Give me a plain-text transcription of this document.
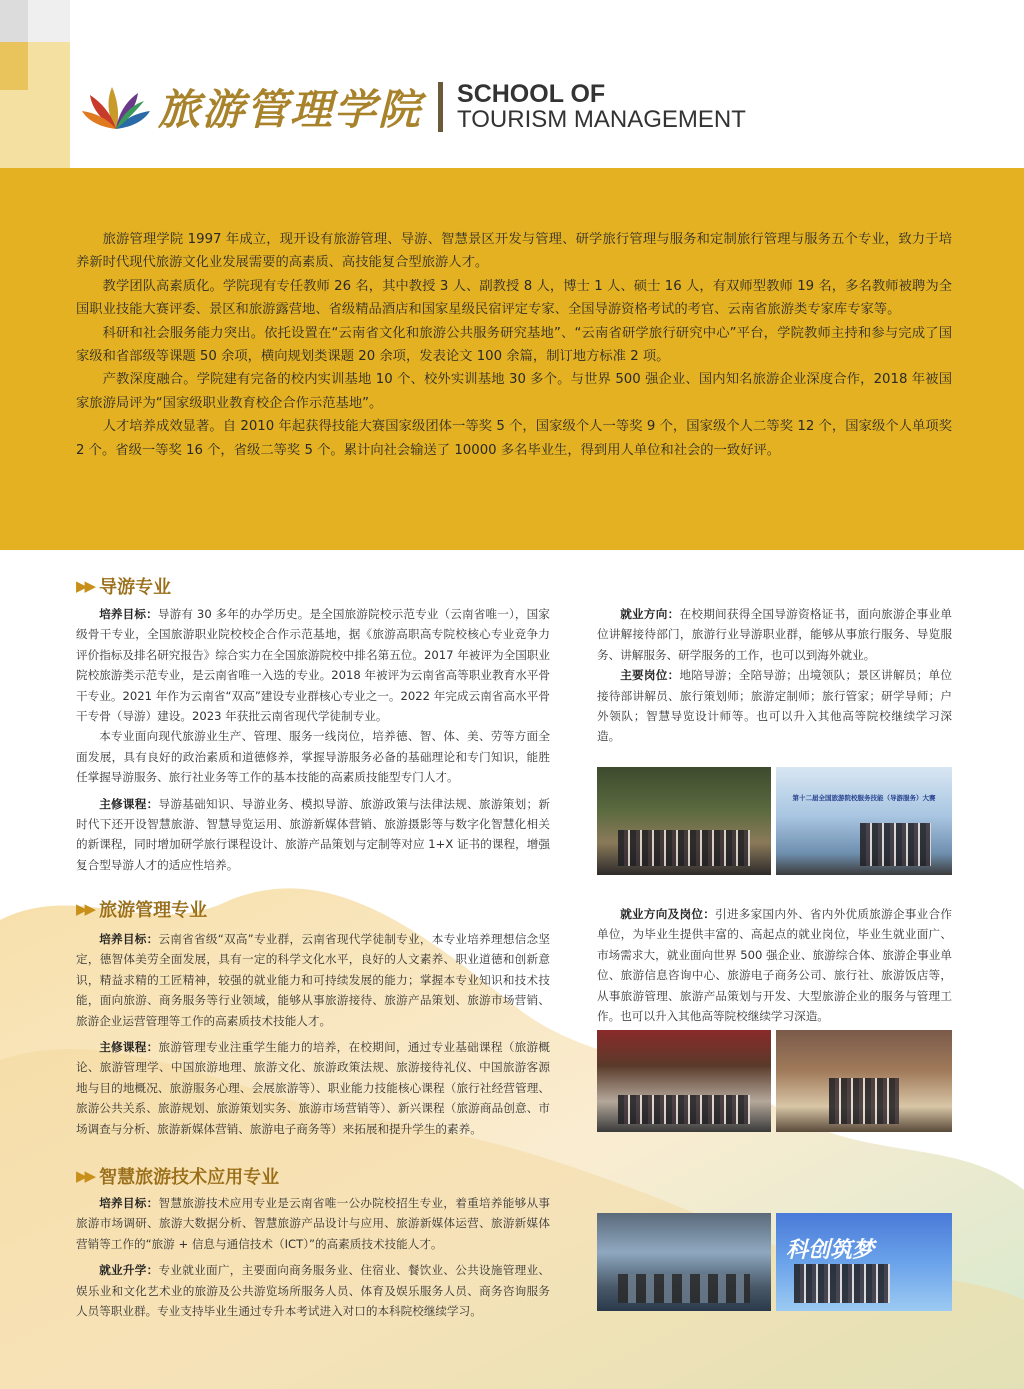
旅游管理学院 SCHOOL OF
TOURISM MANAGEMENT

旅游管理学院 1997 年成立，现开设有旅游管理、导游、智慧景区开发与管理、研学旅行管理与服务和定制旅行管理与服务五个专业，致力于培养新时代现代旅游文化业发展需要的高素质、高技能复合型旅游人才。

教学团队高素质化。学院现有专任教师 26 名，其中教授 3 人、副教授 8 人，博士 1 人、硕士 16 人，有双师型教师 19 名，多名教师被聘为全国职业技能大赛评委、景区和旅游露营地、省级精品酒店和国家星级民宿评定专家、全国导游资格考试的考官、云南省旅游类专家库专家等。

科研和社会服务能力突出。依托设置在“云南省文化和旅游公共服务研究基地”、“云南省研学旅行研究中心”平台，学院教师主持和参与完成了国家级和省部级等课题 50 余项，横向规划类课题 20 余项，发表论文 100 余篇，制订地方标准 2 项。

产教深度融合。学院建有完备的校内实训基地 10 个、校外实训基地 30 多个。与世界 500 强企业、国内知名旅游企业深度合作，2018 年被国家旅游局评为“国家级职业教育校企合作示范基地”。

人才培养成效显著。自 2010 年起获得技能大赛国家级团体一等奖 5 个，国家级个人一等奖 9 个，国家级个人二等奖 12 个，国家级个人单项奖 2 个。省级一等奖 16 个，省级二等奖 5 个。累计向社会输送了 10000 多名毕业生，得到用人单位和社会的一致好评。

▶▶ 导游专业

培养目标：导游有 30 多年的办学历史。是全国旅游院校示范专业（云南省唯一），国家级骨干专业，全国旅游职业院校校企合作示范基地，据《旅游高职高专院校核心专业竞争力评价指标及排名研究报告》综合实力在全国旅游院校中排名第五位。2017 年被评为全国职业院校旅游类示范专业，是云南省唯一入选的专业。2018 年被评为云南省高等职业教育水平骨干专业。2021 年作为云南省“双高”建设专业群核心专业之一。2022 年完成云南省高水平骨干专骨（导游）建设。2023 年获批云南省现代学徒制专业。

本专业面向现代旅游业生产、管理、服务一线岗位，培养德、智、体、美、劳等方面全面发展，具有良好的政治素质和道德修养，掌握导游服务必备的基础理论和专门知识，能胜任掌握导游服务、旅行社业务等工作的基本技能的高素质技能型专门人才。

主修课程：导游基础知识、导游业务、模拟导游、旅游政策与法律法规、旅游策划；新时代下还开设智慧旅游、智慧导览运用、旅游新媒体营销、旅游摄影等与数字化智慧化相关的新课程，同时增加研学旅行课程设计、旅游产品策划与定制等对应 1+X 证书的课程，增强复合型导游人才的适应性培养。

就业方向：在校期间获得全国导游资格证书，面向旅游企事业单位讲解接待部门，旅游行业导游职业群，能够从事旅行服务、导览服务、讲解服务、研学服务的工作，也可以到海外就业。

主要岗位：地陪导游；全陪导游；出境领队；景区讲解员；单位接待部讲解员、旅行策划师；旅游定制师；旅行管家；研学导师；户外领队；智慧导览设计师等。也可以升入其他高等院校继续学习深造。

第十二届全国旅游院校服务技能（导游服务）大赛
▶▶ 旅游管理专业

培养目标：云南省省级“双高”专业群，云南省现代学徒制专业，本专业培养理想信念坚定，德智体美劳全面发展，具有一定的科学文化水平，良好的人文素养、职业道德和创新意识，精益求精的工匠精神，较强的就业能力和可持续发展的能力；掌握本专业知识和技术技能，面向旅游、商务服务等行业领域，能够从事旅游接待、旅游产品策划、旅游市场营销、旅游企业运营管理等工作的高素质技术技能人才。

主修课程：旅游管理专业注重学生能力的培养，在校期间，通过专业基础课程（旅游概论、旅游管理学、中国旅游地理、旅游文化、旅游政策法规、旅游接待礼仪、中国旅游客源地与目的地概况、旅游服务心理、会展旅游等）、职业能力技能核心课程（旅行社经营管理、旅游公共关系、旅游规划、旅游策划实务、旅游市场营销等）、新兴课程（旅游商品创意、市场调查与分析、旅游新媒体营销、旅游电子商务等）来拓展和提升学生的素养。

就业方向及岗位：引进多家国内外、省内外优质旅游企事业合作单位，为毕业生提供丰富的、高起点的就业岗位，毕业生就业面广、市场需求大，就业面向世界 500 强企业、旅游综合体、旅游企事业单位、旅游信息咨询中心、旅游电子商务公司、旅行社、旅游饭店等，从事旅游管理、旅游产品策划与开发、大型旅游企业的服务与管理工作。也可以升入其他高等院校继续学习深造。

▶▶ 智慧旅游技术应用专业

培养目标：智慧旅游技术应用专业是云南省唯一公办院校招生专业，着重培养能够从事旅游市场调研、旅游大数据分析、智慧旅游产品设计与应用、旅游新媒体运营、旅游新媒体营销等工作的“旅游 + 信息与通信技术（ICT）”的高素质技术技能人才。

就业升学：专业就业面广，主要面向商务服务业、住宿业、餐饮业、公共设施管理业、娱乐业和文化艺术业的旅游及公共游览场所服务人员、体育及娱乐服务人员、商务咨询服务人员等职业群。专业支持毕业生通过专升本考试进入对口的本科院校继续学习。

科创筑梦
